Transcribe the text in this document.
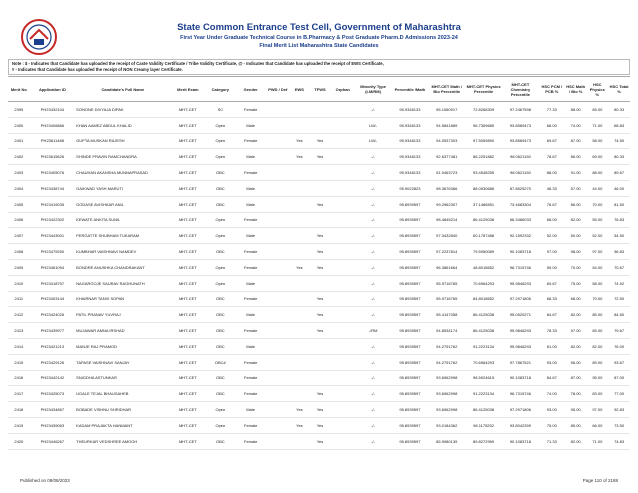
State Common Entrance Test Cell, Government of Maharashtra
First Year Under Graduate Technical Course in B.Pharmacy & Post Graduate Pharm.D Admissions 2023-24
Final Merit List Maharashtra State Candidates
Note : $ - Indicates that Candidate has uploaded the receipt of Caste Validity Certificate / Tribe Validity Certificate, @ - Indicates that Candidate has uploaded the receipt of EWS Certificate,
# - Indicates that Candidate has uploaded the receipt of NON Creamy layer Certificate.
Merit No	Application ID	Candidate's Full Name	Merit Exam	Category	Gender	PWD / Def	EWS	TFWS	Orphan	Minority Type (LM/RM)	Percentile /Math	MHT-CET Math / Bio Percentile	MHT-CET Physics Percentile	MHT-CET Chemistry Percentile	HSC PCM / PCB %	HSC Math / Bio %	HSC Physics %	HSC Total %
2399	PH23432104	SONONE DIVYAJA DIPAK	MHT-CET	SC	Female					-/-	95.9346133	95.1060917	72.8268309	97.2467598	77.33	88.00	65.00	80.33
2400	PH23406866	KHAN AAMEZ ABDUL KHALID	MHT-CET	Open	Male					LM/-	95.9346133	94.5841889	96.7359685	93.8569473	68.00	74.00	71.00	68.83
2401	PH23611488	GUPTA MUSKAN RAJESH	MHT-CET	Open	Female		Yes	Yes		LM/-	95.9346133	94.0537303	97.5059890	93.8569473	69.67	87.00	58.00	74.50
2402	PH23615626	SHINDE PRAVIN RAMCHANDRA	MHT-CET	Open	Male		Yes	Yes		-/-	95.9346133	92.6377481	86.2251882	98.0621150	78.67	86.00	69.00	80.33
2403	PH23405076	CHAUHAN AKANSHA MUNNAPRASAD	MHT-CET	OBC	Female					-/-	95.9346133	91.0463723	93.4548255	98.0621150	88.00	91.00	88.00	89.67
2404	PH23438744	GAIKWAD YASH MARUTI	MHT-CET	OBC	Male					-/-	95.9022823	98.3676366	88.0530686	87.8525270	46.33	57.00	44.00	46.00
2405	PH23419035	GODASE AVISHKAR ANIL	MHT-CET	OBC	Male			Yes		-/-	95.8939597	99.2962307	37.1486551	73.4683304	76.67	86.00	70.00	81.50
2406	PH23422302	KEWATE ANKITA SUNIL	MHT-CET	Open	Female					-/-	95.8939597	98.4845214	86.4125038	66.3486033	68.00	82.00	55.00	76.83
2407	PH23443001	PERGATTE SHUBHAM TUKARAM	MHT-CET	Open	Male			Yes		-/-	95.8939597	97.3432840	60.1787488	92.1592332	52.00	50.00	52.00	54.50
2408	PH23479250	KUMBHAR VAISHNAVI NAMDEV	MHT-CET	OBC	Female			Yes		-/-	95.8939597	97.2237814	79.5950089	90.1083718	97.00	98.00	97.00	96.83
2409	PH23461094	BONDRE ANUSHKA CHANDRAKANT	MHT-CET	Open	Female		Yes	Yes		-/-	95.8939597	96.3861664	48.8018652	96.7315746	59.00	70.00	54.00	70.67
2410	PH23418757	NAGARGOJE SAURAV RAGHUNATH	MHT-CET	Open	Male					-/-	95.8939597	95.9716765	70.6964293	95.9846293	69.67	75.00	58.00	74.92
2411	PH23403144	KHAIRNAR TANVI SOPAN	MHT-CET	OBC	Female			Yes		-/-	95.8939597	95.9716765	84.8018652	97.2971806	68.33	68.00	70.00	72.50
2412	PH23424026	PATIL PRANAV YUVRAJ	MHT-CET	OBC	Male			Yes		-/-	95.8939597	95.4147058	86.4125038	95.0520271	84.67	82.00	85.00	84.50
2413	PH23439977	MUJAWAR AMNA IRSHAD	MHT-CET	OBC	Female			Yes		-/RM	95.8939597	94.8534174	86.4125038	95.9846293	78.33	97.00	65.00	79.67
2414	PH23421213	MANJE RAJ PRAMOD	MHT-CET	OBC	Male					-/-	95.8939597	94.2791762	91.2223134	95.9846293	81.00	82.00	82.00	76.00
2415	PH23429126	TAPASE VAISHNAVI SANJAY	MHT-CET	OBC#	Female					-/-	95.8939597	94.2791762	70.6964293	97.7867521	93.00	96.00	89.00	93.67
2416	PH23442142	SNIGDHA ASTUNKAR	MHT-CET	OBC	Female					-/-	95.8939597	93.6962998	98.5924615	90.1083718	84.67	87.00	95.00	87.00
2417	PH23425073	UGALE TEJAL BHAUSAHEB	MHT-CET	OBC	Female			Yes		-/-	95.8939597	93.6962998	91.2223134	96.7315746	74.00	78.00	83.00	77.00
2418	PH23434867	BOBADE VISHNU SHRIDHAR	MHT-CET	Open	Male		Yes	Yes		-/-	95.8939597	93.6962998	86.4125038	97.2971806	93.00	95.00	97.00	92.83
2419	PH23439063	KADAM PRAJAKTA HANMANT	MHT-CET	Open	Female		Yes	Yes		-/-	95.8939597	93.0184362	98.1175252	93.8042399	75.00	85.00	66.00	73.50
2420	PH23446267	THEURKAR VEDSHREE AMOGH	MHT-CET	OBC	Female			Yes		-/-	95.8939597	85.9980139	89.8272959	90.1083718	71.33	82.00	71.00	74.83
Published on 08/08/2023	Page 110 of 2188
